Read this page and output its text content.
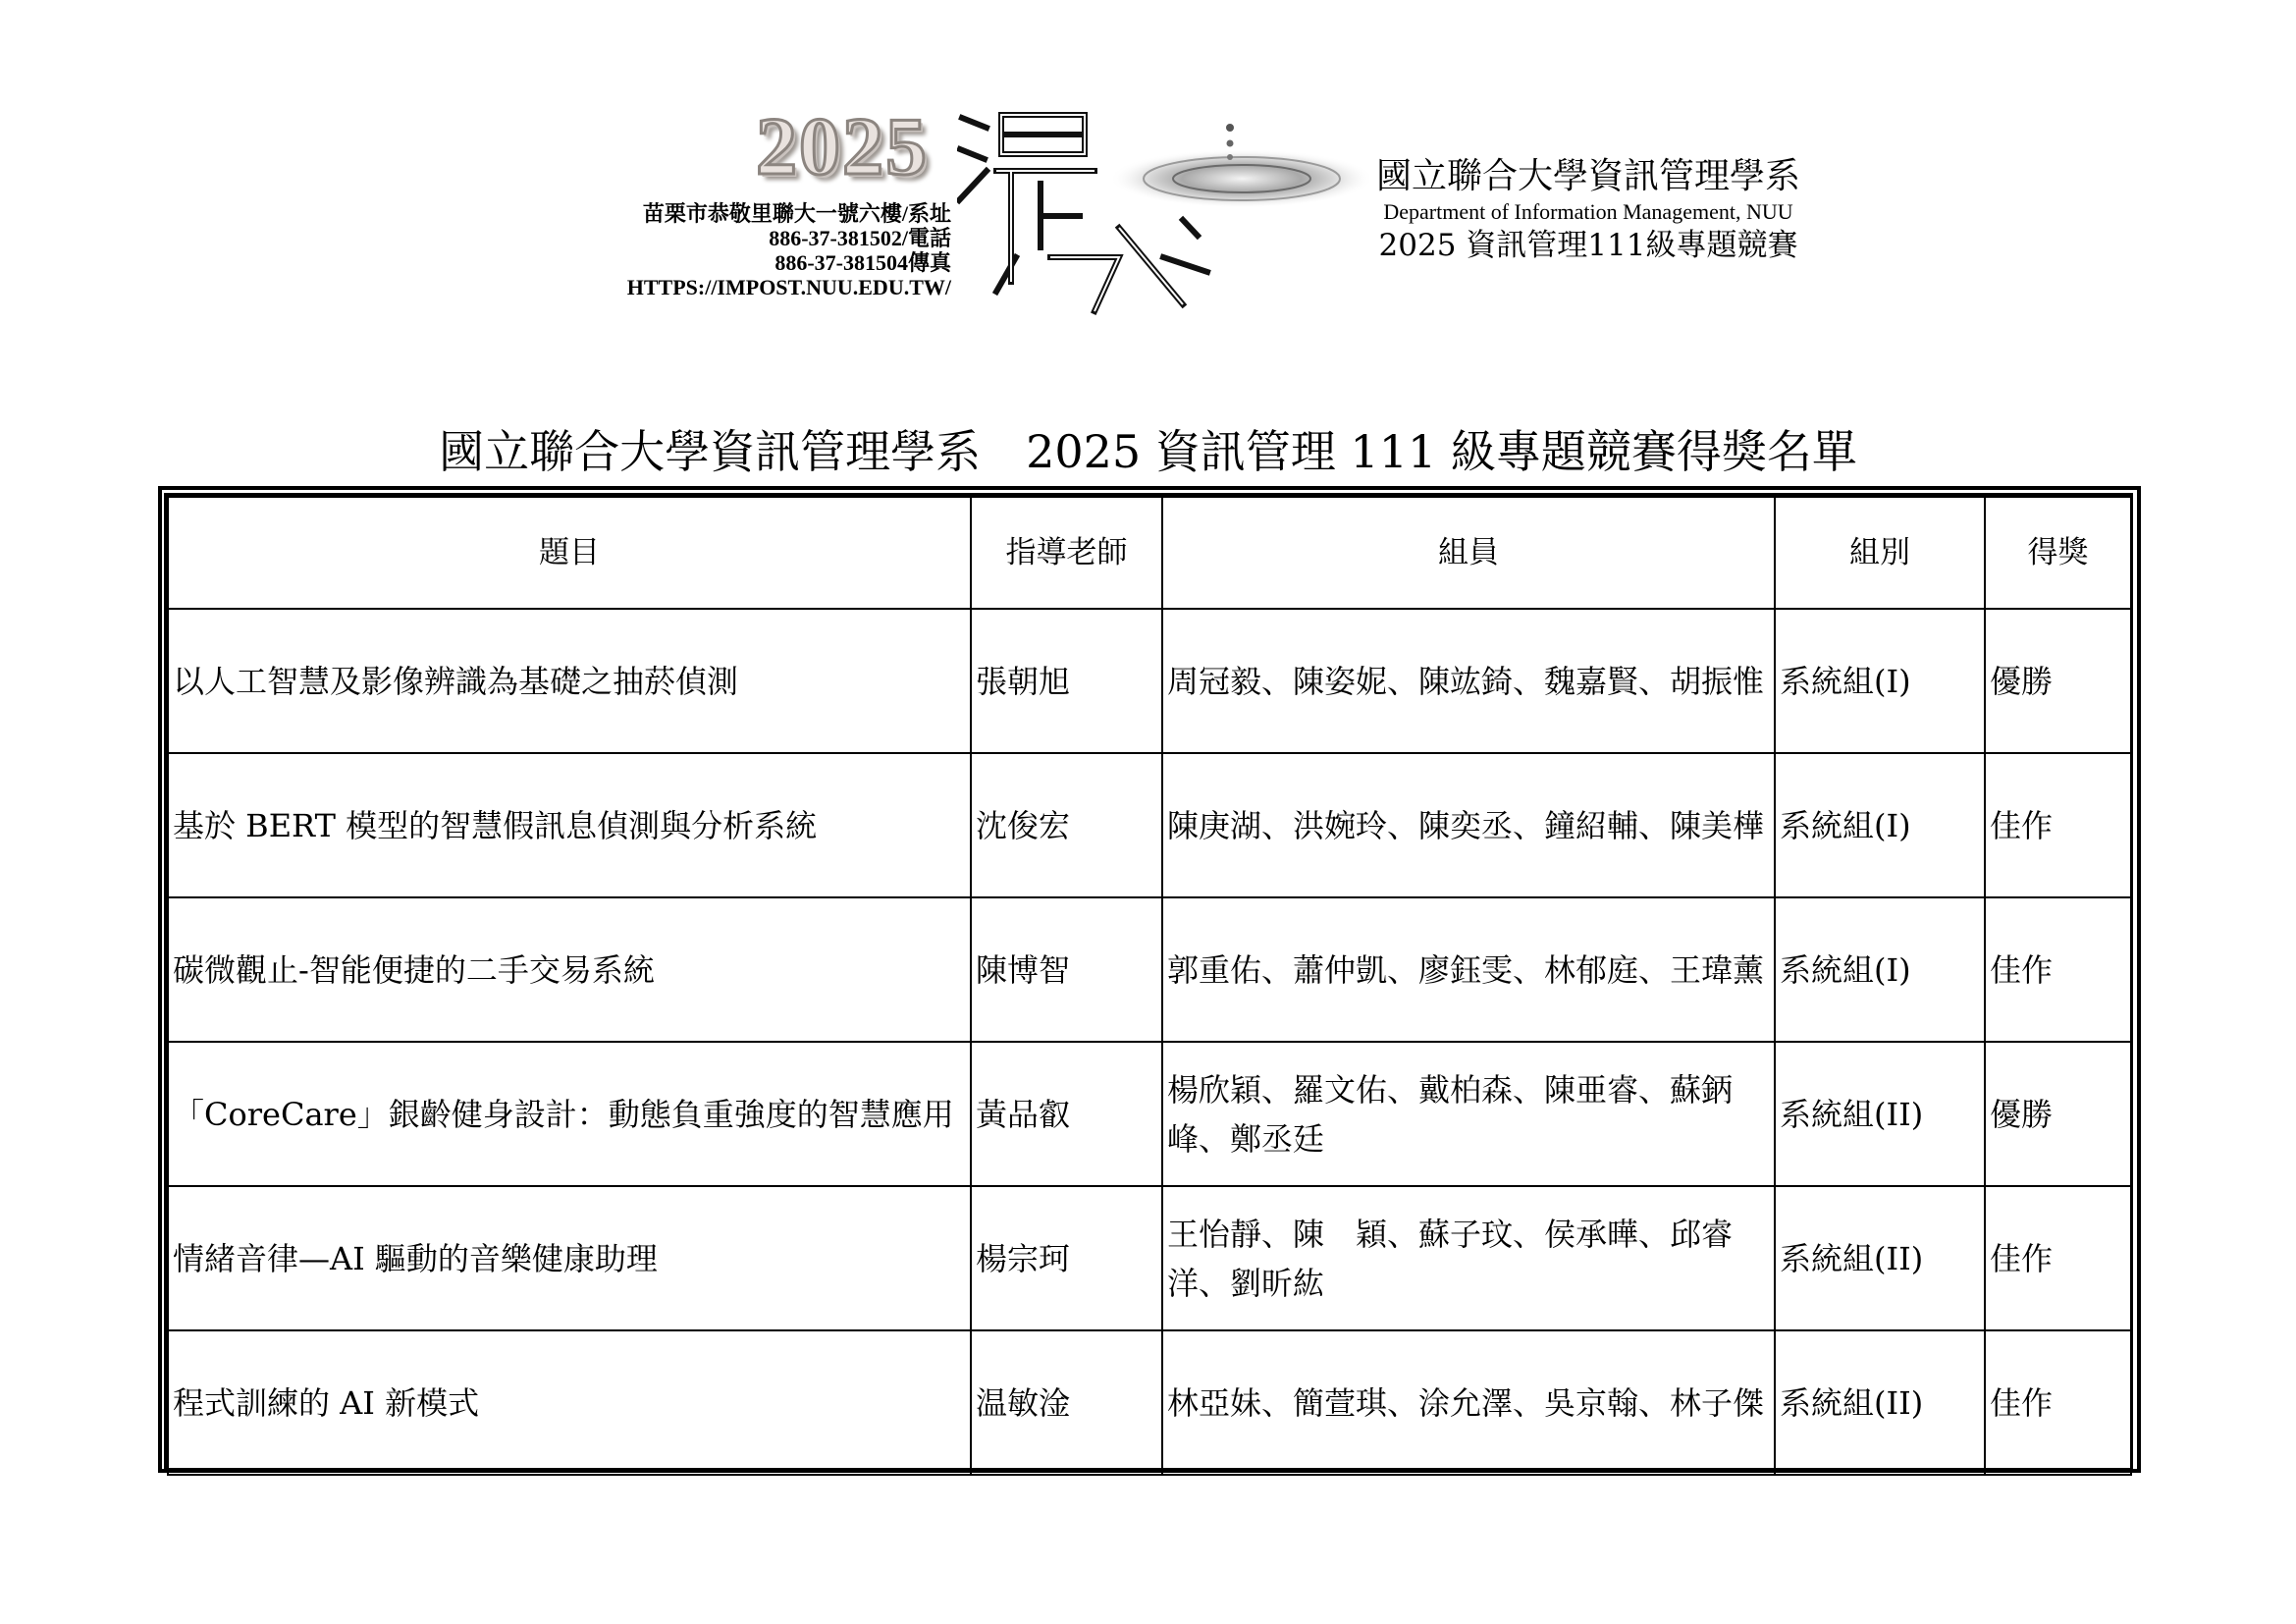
2025
苗栗市恭敬里聯大一號六樓/系址
886-37-381502/電話
886-37-381504傳真
HTTPS://IMPOST.NUU.EDU.TW/
國立聯合大學資訊管理學系
Department of Information Management, NUU
2025 資訊管理111級專題競賽
國立聯合大學資訊管理學系　2025 資訊管理 111 級專題競賽得獎名單
題目	指導老師	組員	組別	得獎
以人工智慧及影像辨識為基礎之抽菸偵測	張朝旭	周冠毅、陳姿妮、陳竑錡、魏嘉賢、胡振惟	系統組(I)	優勝
基於 BERT 模型的智慧假訊息偵測與分析系統	沈俊宏	陳庚湖、洪婉玲、陳奕丞、鐘紹輔、陳美樺	系統組(I)	佳作
碳微觀止-智能便捷的二手交易系統	陳博智	郭重佑、蕭仲凱、廖鈺雯、林郁庭、王瑋薰	系統組(I)	佳作
「CoreCare」銀齡健身設計：動態負重強度的智慧應用	黃品叡	楊欣穎、羅文佑、戴柏森、陳亜睿、蘇鈵峰、鄭丞廷	系統組(II)	優勝
情緒音律—AI 驅動的音樂健康助理	楊宗珂	王怡靜、陳　穎、蘇子玟、侯承曄、邱睿洋、劉昕紘	系統組(II)	佳作
程式訓練的 AI 新模式	温敏淦	林亞妹、簡萱琪、涂允澤、吳京翰、林子傑	系統組(II)	佳作
